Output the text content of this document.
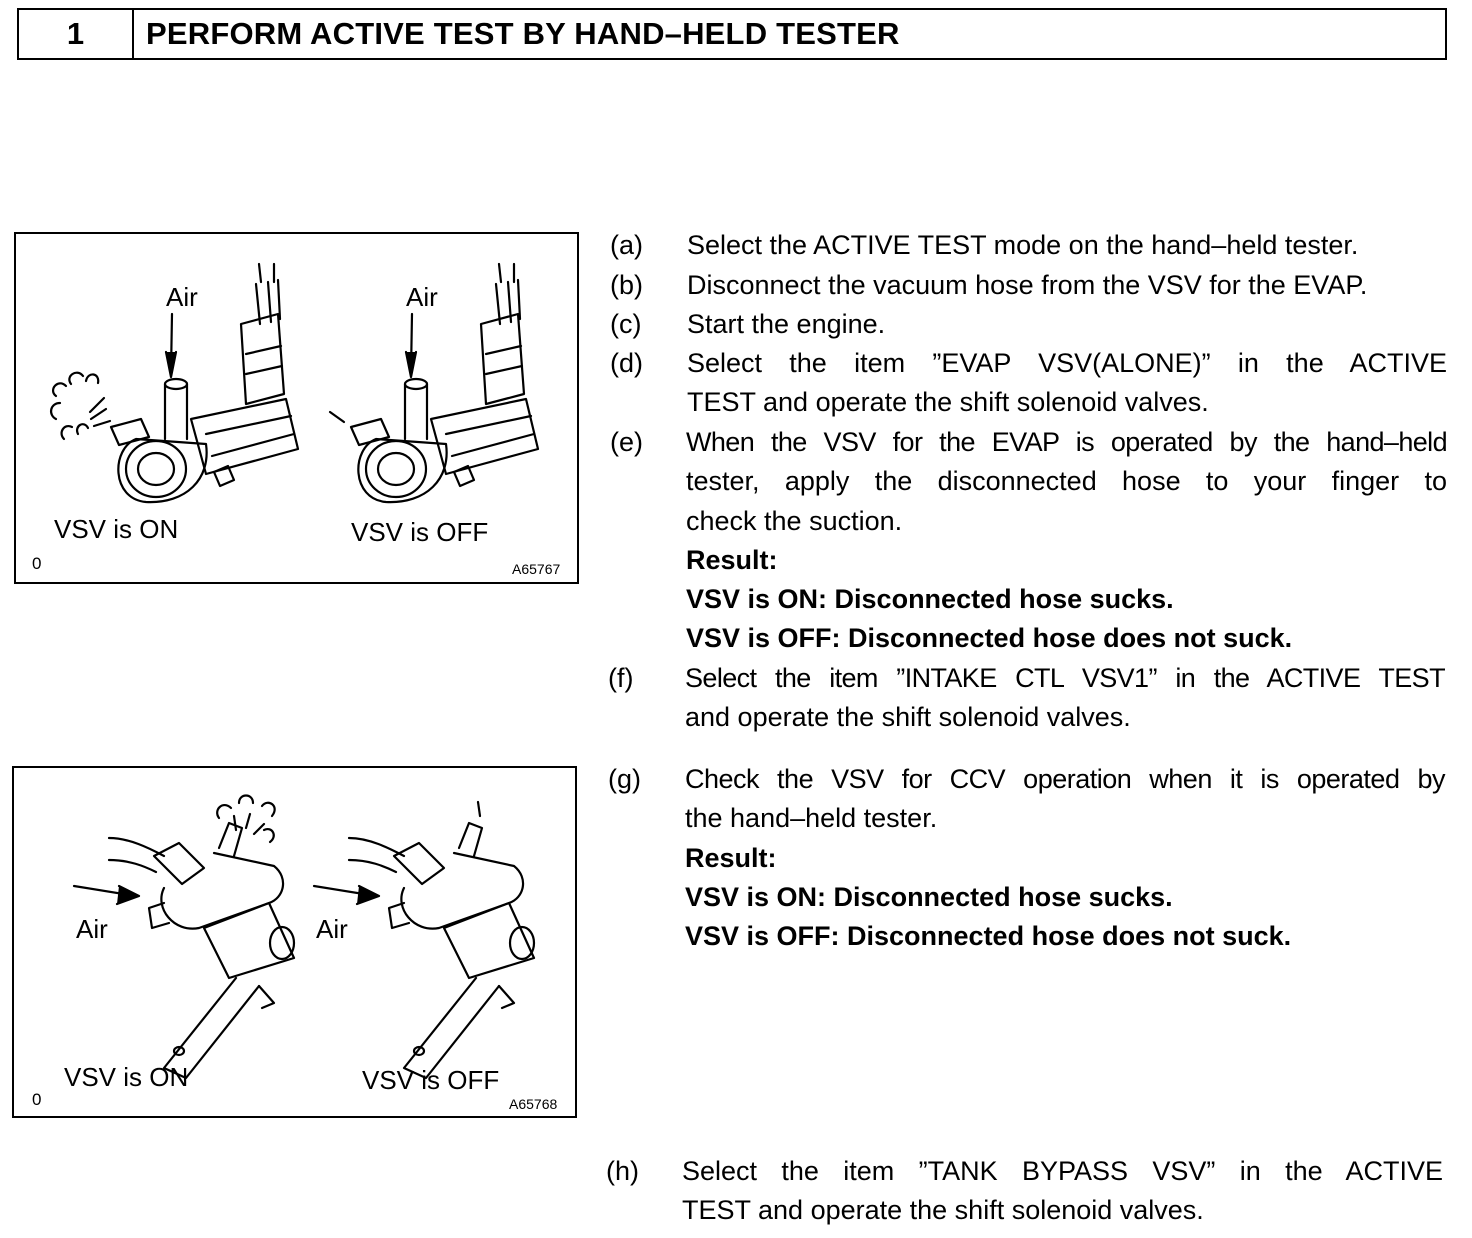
1	PERFORM ACTIVE TEST BY HAND–HELD TESTER
Air	Air
VSV is ON	VSV is OFF
0	A65767
Air	Air
VSV is ON	VSV is OFF
0	A65768
(a) Select the ACTIVE TEST mode on the hand–held tester.
(b) Disconnect the vacuum hose from the VSV for the EVAP.
(c) Start the engine.
(d) Select the item ”EVAP VSV(ALONE)” in the ACTIVE
TEST and operate the shift solenoid valves.
(e) When the VSV for the EVAP is operated by the hand–held
tester, apply the disconnected hose to your finger to
check the suction.
Result:
VSV is ON: Disconnected hose sucks.
VSV is OFF: Disconnected hose does not suck.
(f) Select the item ”INTAKE CTL VSV1” in the ACTIVE TEST
and operate the shift solenoid valves.
(g) Check the VSV for CCV operation when it is operated by
the hand–held tester.
Result:
VSV is ON: Disconnected hose sucks.
VSV is OFF: Disconnected hose does not suck.
(h) Select the item ”TANK BYPASS VSV” in the ACTIVE
TEST and operate the shift solenoid valves.
